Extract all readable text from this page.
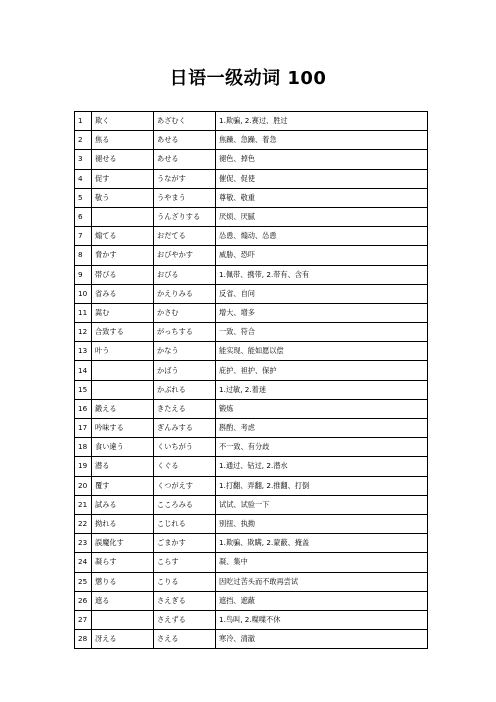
日语一级动词 100
1	欺く	あざむく	1.欺骗, 2.赛过、胜过
2	焦る	あせる	焦躁、急躁、着急
3	褪せる	あせる	褪色、掉色
4	促す	うながす	催促、促使
5	敬う	うやまう	尊敬、敬重
6		うんざりする	厌烦、厌腻
7	煽てる	おだてる	怂恿、煽动、怂恿
8	脅かす	おびやかす	威胁、恐吓
9	帯びる	おびる	1.佩带、携带, 2.带有、含有
10	省みる	かえりみる	反省、自问
11	嵩む	かさむ	增大、增多
12	合致する	がっちする	一致、符合
13	叶う	かなう	能实现、能如愿以偿
14		かばう	庇护、袒护、保护
15		かぶれる	1.过敏, 2.着迷
16	鍛える	きたえる	锻炼
17	吟味する	ぎんみする	斟酌、考虑
18	食い違う	くいちがう	不一致、有分歧
19	潜る	くぐる	1.通过、钻过, 2.潜水
20	覆す	くつがえす	1.打翻、弄翻, 2.推翻、打倒
21	試みる	こころみる	试试、试验一下
22	拗れる	こじれる	别扭、执拗
23	誤魔化す	ごまかす	1.欺骗、欺瞒, 2.蒙蔽、掩盖
24	凝らす	こらす	凝、集中
25	懲りる	こりる	因吃过苦头而不敢再尝试
26	遮る	さえぎる	遮挡、遮蔽
27		さえずる	1.鸟叫, 2.喋喋不休
28	冴える	さえる	寒冷、清澈
